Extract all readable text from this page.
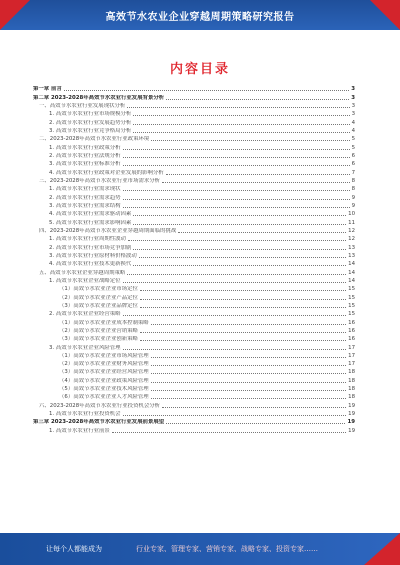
高效节水农业企业穿越周期策略研究报告
内容目录
第一章 前言	3
第二章 2023-2028年高效节水农业行业发展背景分析	3
一、高效节水农业行业发展现状分析	3
1. 高效节水农业行业市场规模分析	3
2. 高效节水农业行业发展趋势分析	4
3. 高效节水农业行业竞争格局分析	4
二、2023-2028年高效节水农业行业政策环境	5
1. 高效节水农业行业政策分析	5
2. 高效节水农业行业法规分析	6
3. 高效节水农业行业标准分析	6
4. 高效节水农业行业政策对企业发展的影响分析	7
三、2023-2028年高效节水农业行业市场需求分析	8
1. 高效节水农业行业需求现状	8
2. 高效节水农业行业需求趋势	9
3. 高效节水农业行业需求结构	9
4. 高效节水农业行业需求驱动因素	10
5. 高效节水农业行业需求影响因素	11
四、2023-2028年高效节水农业企业穿越周期面临的挑战	12
1. 高效节水农业行业周期性波动	12
2. 高效节水农业行业市场竞争加剧	13
3. 高效节水农业行业原材料价格波动	13
4. 高效节水农业行业技术更新换代	14
五、高效节水农业企业穿越周期策略	14
1. 高效节水农业企业战略定位	14
（1）高效节水农业企业市场定位	15
（2）高效节水农业企业产品定位	15
（3）高效节水农业企业品牌定位	15
2. 高效节水农业企业经营策略	15
（1）高效节水农业企业成本控制策略	16
（2）高效节水农业企业营销策略	16
（3）高效节水农业企业创新策略	16
3. 高效节水农业企业风险管理	17
（1）高效节水农业企业市场风险管理	17
（2）高效节水农业企业财务风险管理	17
（3）高效节水农业企业经营风险管理	18
（4）高效节水农业企业政策风险管理	18
（5）高效节水农业企业技术风险管理	18
（6）高效节水农业企业人才风险管理	18
六、2023-2028年高效节水农业行业投资机会分析	19
1. 高效节水农业行业投资机会	19
第三章 2023-2028年高效节水农业行业发展前景展望	19
1. 高效节水农业行业前景	19
让每个人都能成为	行业专家、管理专家、营销专家、战略专家、投资专家……
